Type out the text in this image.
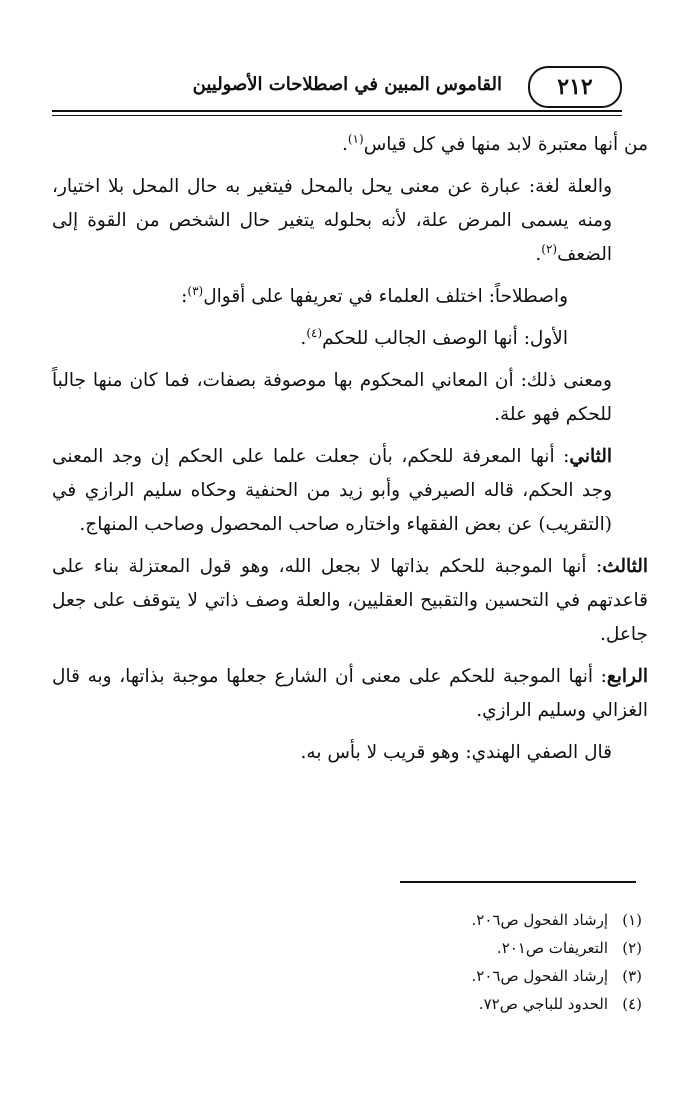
٢١٢
القاموس المبين في اصطلاحات الأصوليين

من أنها معتبرة لابد منها في كل قياس$^{(١)}$.

والعلة لغة: عبارة عن معنى يحل بالمحل فيتغير به حال المحل بلا اختيار، ومنه يسمى المرض علة، لأنه بحلوله يتغير حال الشخص من القوة إلى الضعف$^{(٢)}$.

واصطلاحاً: اختلف العلماء في تعريفها على أقوال$^{(٣)}$:

الأول: أنها الوصف الجالب للحكم$^{(٤)}$.

ومعنى ذلك: أن المعاني المحكوم بها موصوفة بصفات، فما كان منها جالباً للحكم فهو علة.

الثاني: أنها المعرفة للحكم، بأن جعلت علما على الحكم إن وجد المعنى وجد الحكم، قاله الصيرفي وأبو زيد من الحنفية وحكاه سليم الرازي في (التقريب) عن بعض الفقهاء واختاره صاحب المحصول وصاحب المنهاج.

الثالث: أنها الموجبة للحكم بذاتها لا بجعل الله، وهو قول المعتزلة بناء على قاعدتهم في التحسين والتقبيح العقليين، والعلة وصف ذاتي لا يتوقف على جعل جاعل.

الرابع: أنها الموجبة للحكم على معنى أن الشارع جعلها موجبة بذاتها، وبه قال الغزالي وسليم الرازي.

قال الصفي الهندي: وهو قريب لا بأس به.

(١)إرشاد الفحول ص٢٠٦.
(٢)التعريفات ص٢٠١.
(٣)إرشاد الفحول ص٢٠٦.
(٤)الحدود للباجي ص٧٢.
